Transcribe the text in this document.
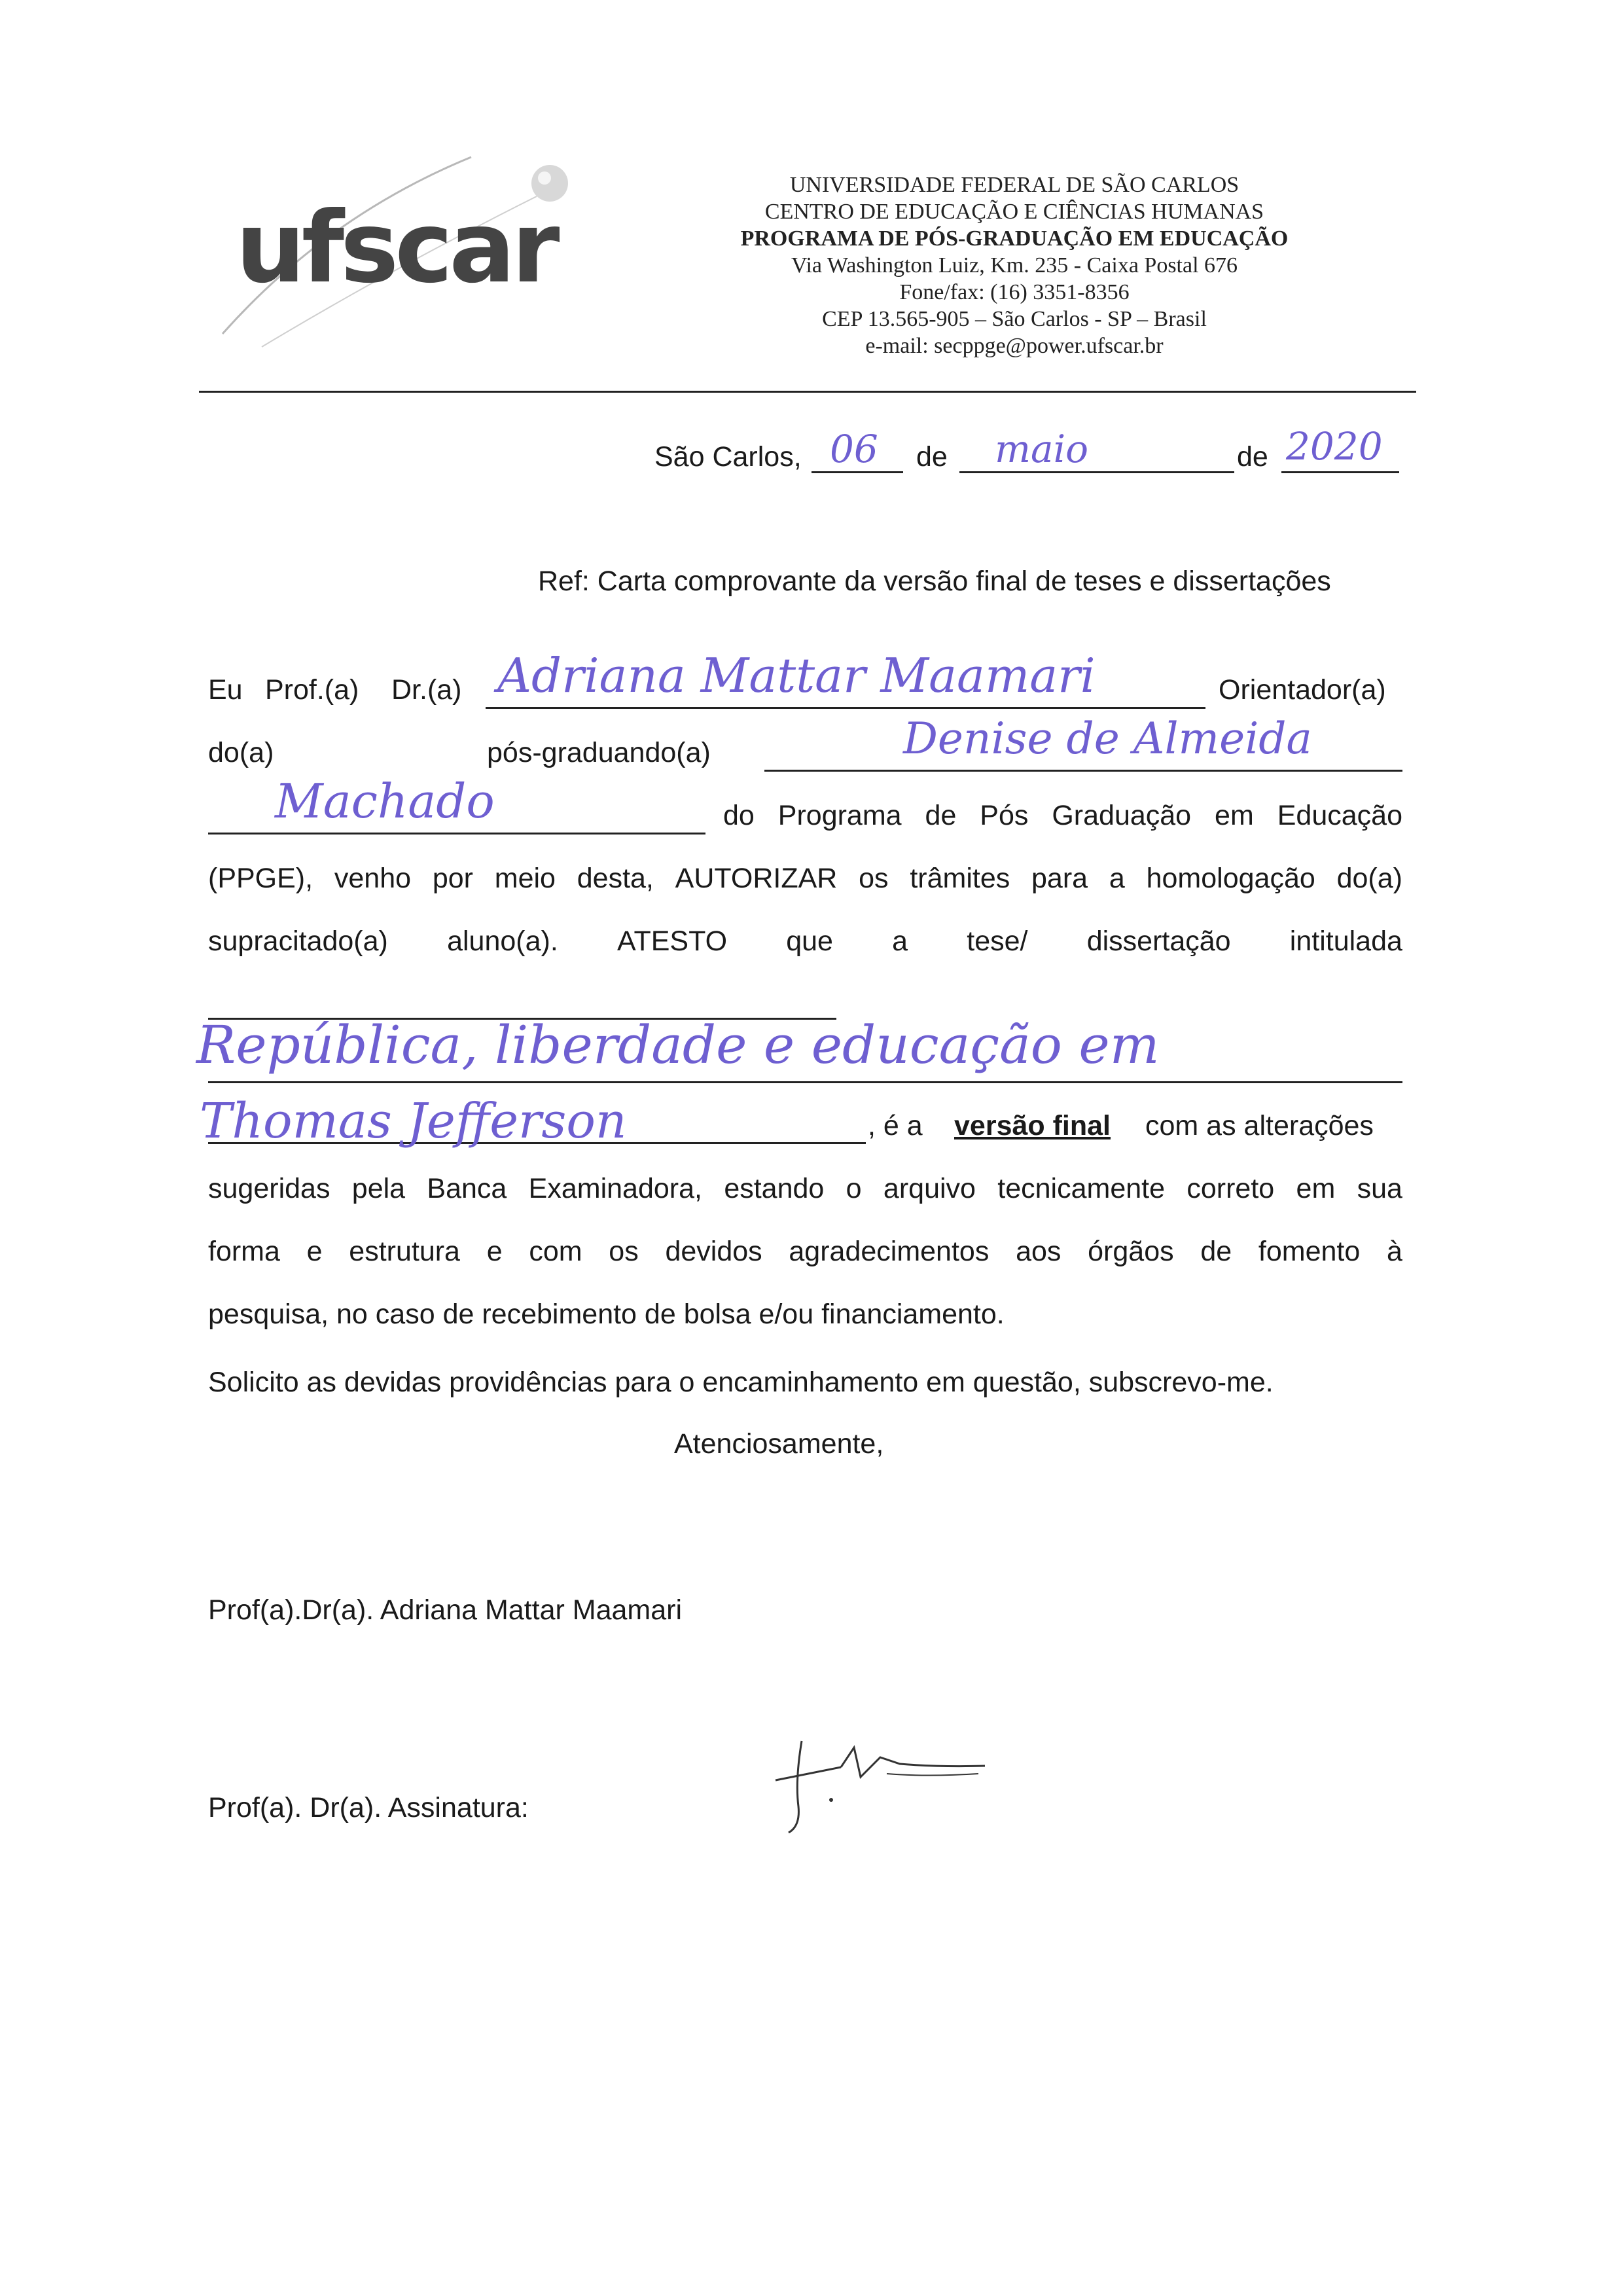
ufscar
UNIVERSIDADE FEDERAL DE SÃO CARLOS
CENTRO DE EDUCAÇÃO E CIÊNCIAS HUMANAS
PROGRAMA DE PÓS-GRADUAÇÃO EM EDUCAÇÃO
Via Washington Luiz, Km. 235 - Caixa Postal 676
Fone/fax: (16) 3351-8356
CEP 13.565-905 – São Carlos - SP – Brasil
e-mail: secppge@power.ufscar.br
São Carlos, 06 de maio	de 2020
Ref: Carta comprovante da versão final de teses e dissertações
Eu Prof.(a) Dr.(a) Adriana Mattar Maamari	Orientador(a)
do(a)	pós-graduando(a)	Denise de Almeida
Machado	do Programa de Pós Graduação em Educação
(PPGE), venho por meio desta, AUTORIZAR os trâmites para a homologação do(a)
supracitado(a) aluno(a). ATESTO que a tese/ dissertação intitulada
República, liberdade e educação em
Thomas Jefferson	, é a versão final com as alterações
sugeridas pela Banca Examinadora, estando o arquivo tecnicamente correto em sua
forma e estrutura e com os devidos agradecimentos aos órgãos de fomento à
pesquisa, no caso de recebimento de bolsa e/ou financiamento.
Solicito as devidas providências para o encaminhamento em questão, subscrevo-me.
Atenciosamente,
Prof(a).Dr(a). Adriana Mattar Maamari
Prof(a). Dr(a). Assinatura:
